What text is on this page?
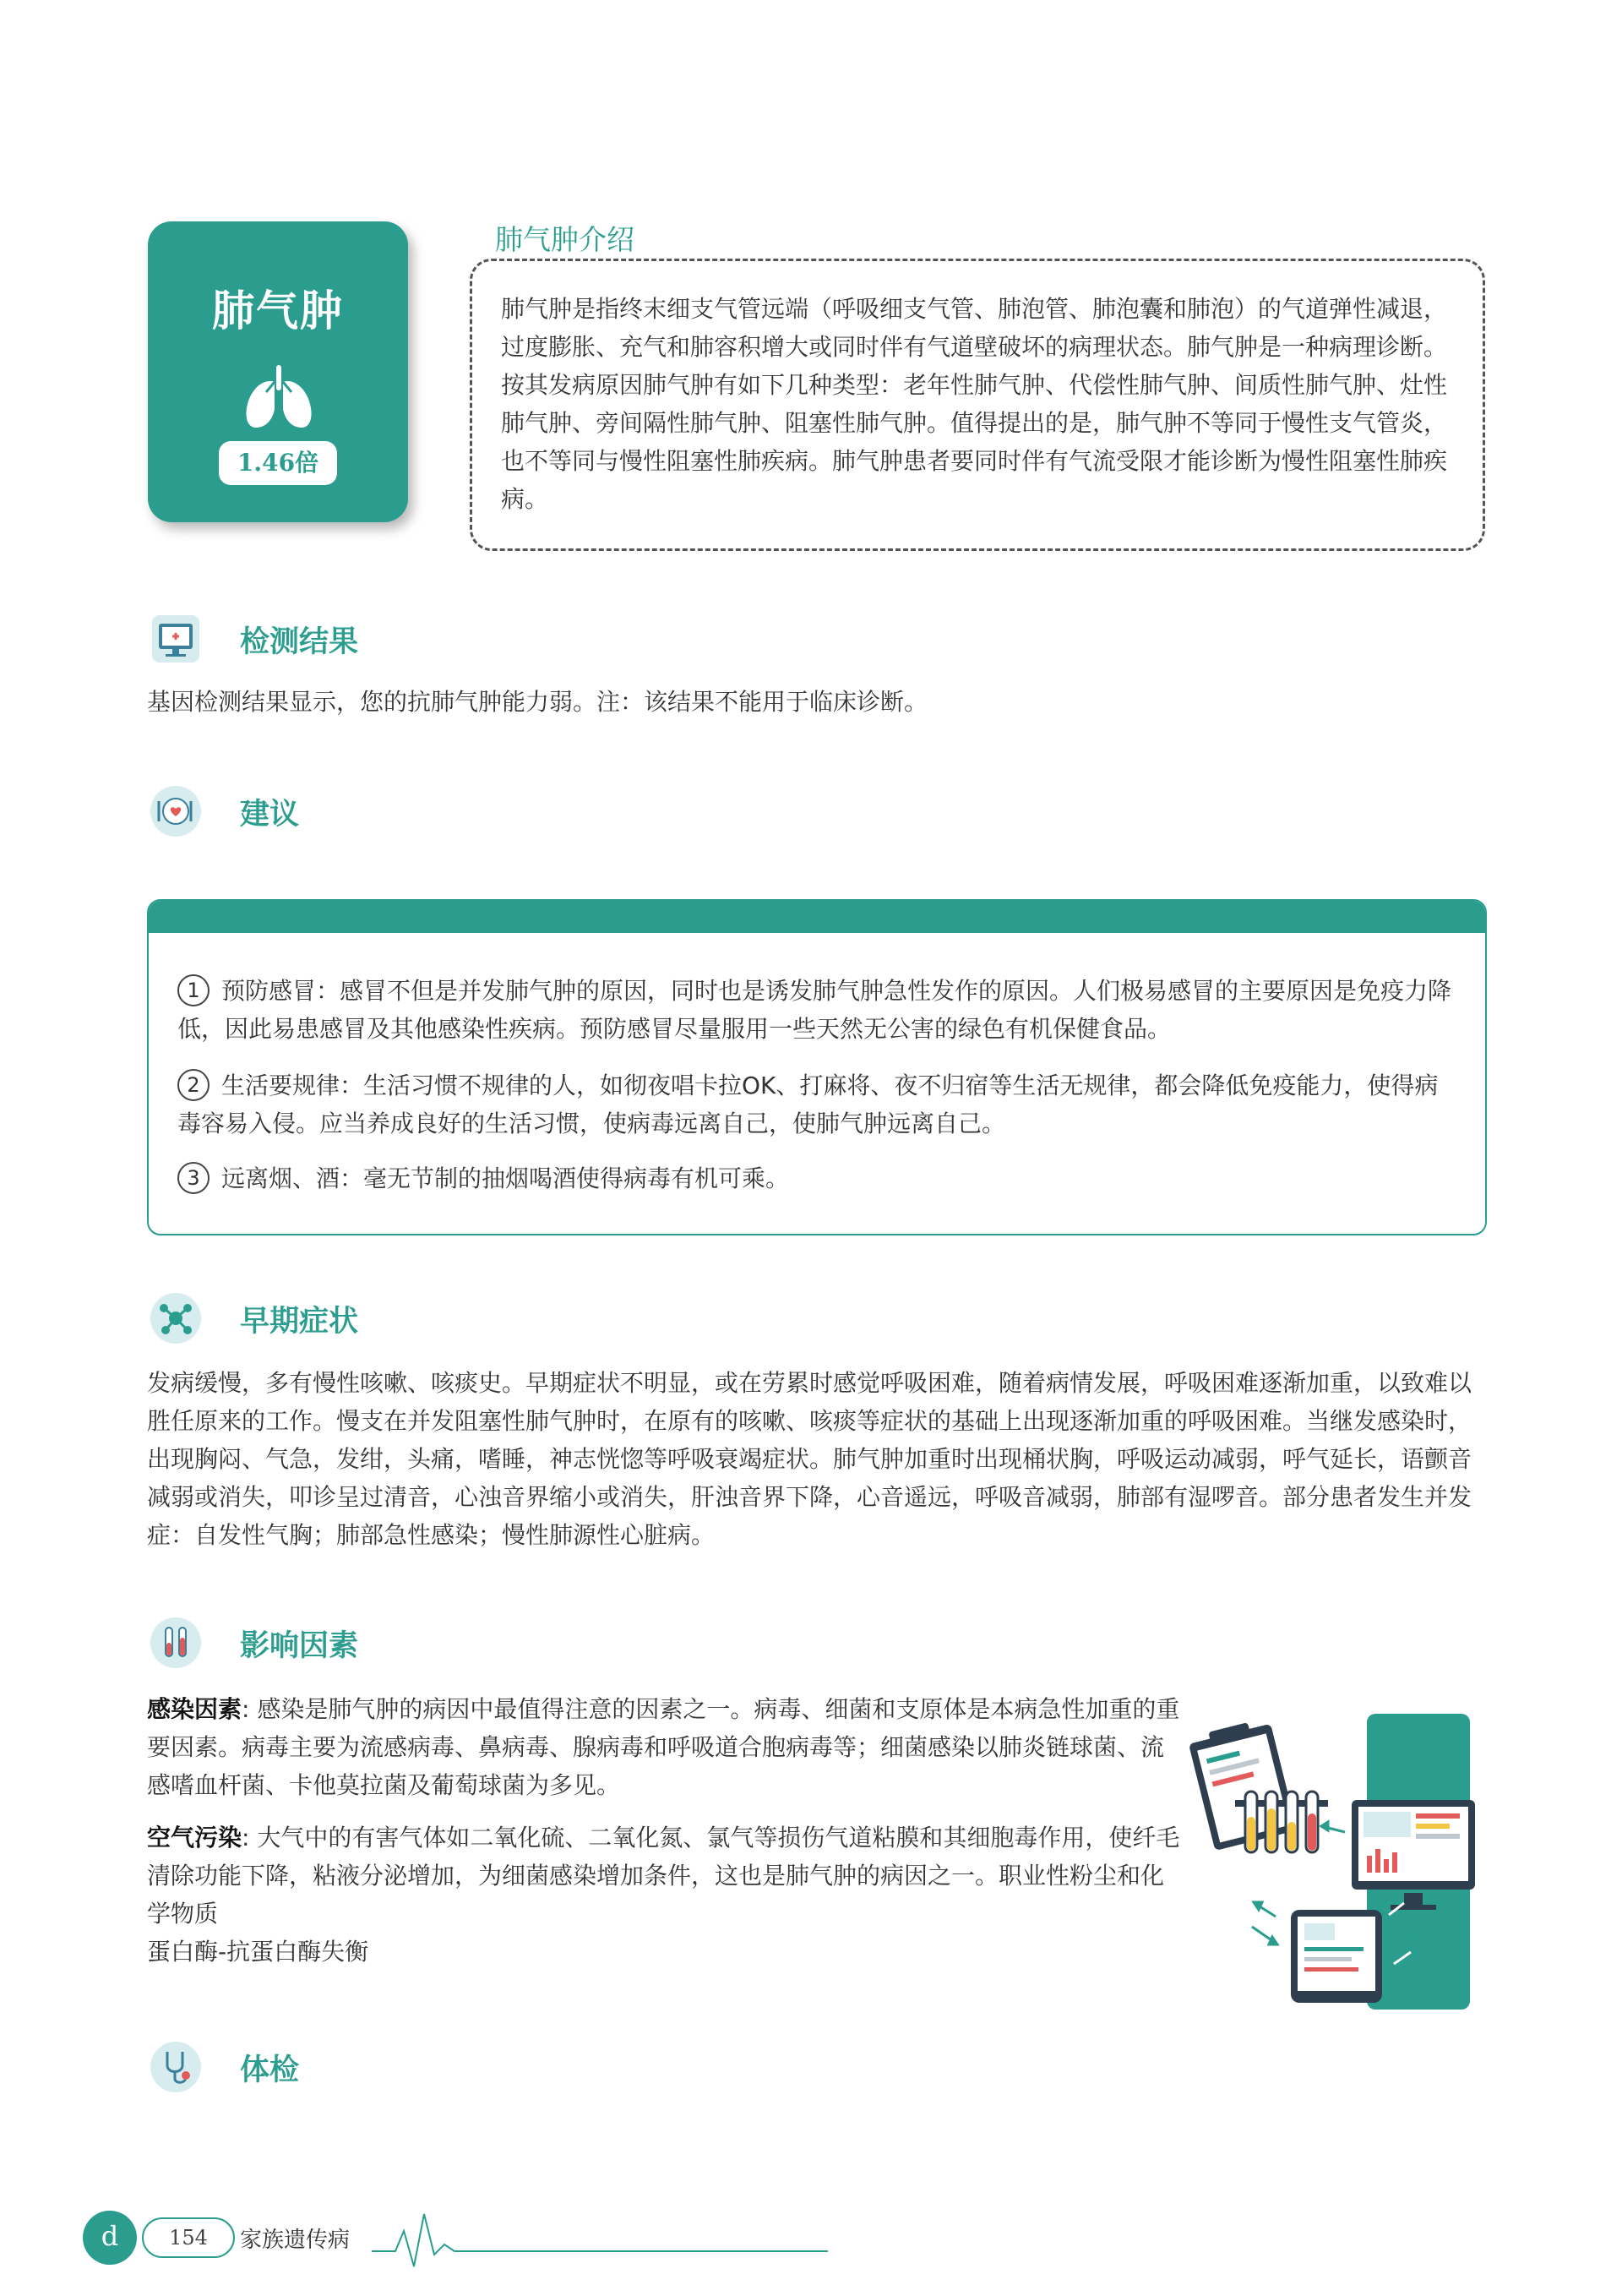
肺气肿
1.46倍
肺气肿介绍
肺气肿是指终末细支气管远端（呼吸细支气管、肺泡管、肺泡囊和肺泡）的气道弹性减退，过度膨胀、充气和肺容积增大或同时伴有气道壁破坏的病理状态。肺气肿是一种病理诊断。按其发病原因肺气肿有如下几种类型：老年性肺气肿、代偿性肺气肿、间质性肺气肿、灶性肺气肿、旁间隔性肺气肿、阻塞性肺气肿。值得提出的是，肺气肿不等同于慢性支气管炎，也不等同与慢性阻塞性肺疾病。肺气肿患者要同时伴有气流受限才能诊断为慢性阻塞性肺疾病。
检测结果
基因检测结果显示，您的抗肺气肿能力弱。注：该结果不能用于临床诊断。
建议
1 预防感冒：感冒不但是并发肺气肿的原因，同时也是诱发肺气肿急性发作的原因。人们极易感冒的主要原因是免疫力降低，因此易患感冒及其他感染性疾病。预防感冒尽量服用一些天然无公害的绿色有机保健食品。
2 生活要规律：生活习惯不规律的人，如彻夜唱卡拉OK、打麻将、夜不归宿等生活无规律，都会降低免疫能力，使得病毒容易入侵。应当养成良好的生活习惯，使病毒远离自己，使肺气肿远离自己。
3 远离烟、酒：毫无节制的抽烟喝酒使得病毒有机可乘。
早期症状
发病缓慢，多有慢性咳嗽、咳痰史。早期症状不明显，或在劳累时感觉呼吸困难，随着病情发展，呼吸困难逐渐加重，以致难以胜任原来的工作。慢支在并发阻塞性肺气肿时，在原有的咳嗽、咳痰等症状的基础上出现逐渐加重的呼吸困难。当继发感染时，出现胸闷、气急，发绀，头痛，嗜睡，神志恍惚等呼吸衰竭症状。肺气肿加重时出现桶状胸，呼吸运动减弱，呼气延长，语颤音减弱或消失，叩诊呈过清音，心浊音界缩小或消失，肝浊音界下降，心音遥远，呼吸音减弱，肺部有湿啰音。部分患者发生并发症：自发性气胸；肺部急性感染；慢性肺源性心脏病。
影响因素
感染因素: 感染是肺气肿的病因中最值得注意的因素之一。病毒、细菌和支原体是本病急性加重的重要因素。病毒主要为流感病毒、鼻病毒、腺病毒和呼吸道合胞病毒等；细菌感染以肺炎链球菌、流感嗜血杆菌、卡他莫拉菌及葡萄球菌为多见。
空气污染: 大气中的有害气体如二氧化硫、二氧化氮、氯气等损伤气道粘膜和其细胞毒作用，使纤毛清除功能下降，粘液分泌增加，为细菌感染增加条件，这也是肺气肿的病因之一。职业性粉尘和化学物质
蛋白酶-抗蛋白酶失衡
体检
d	154	家族遗传病
